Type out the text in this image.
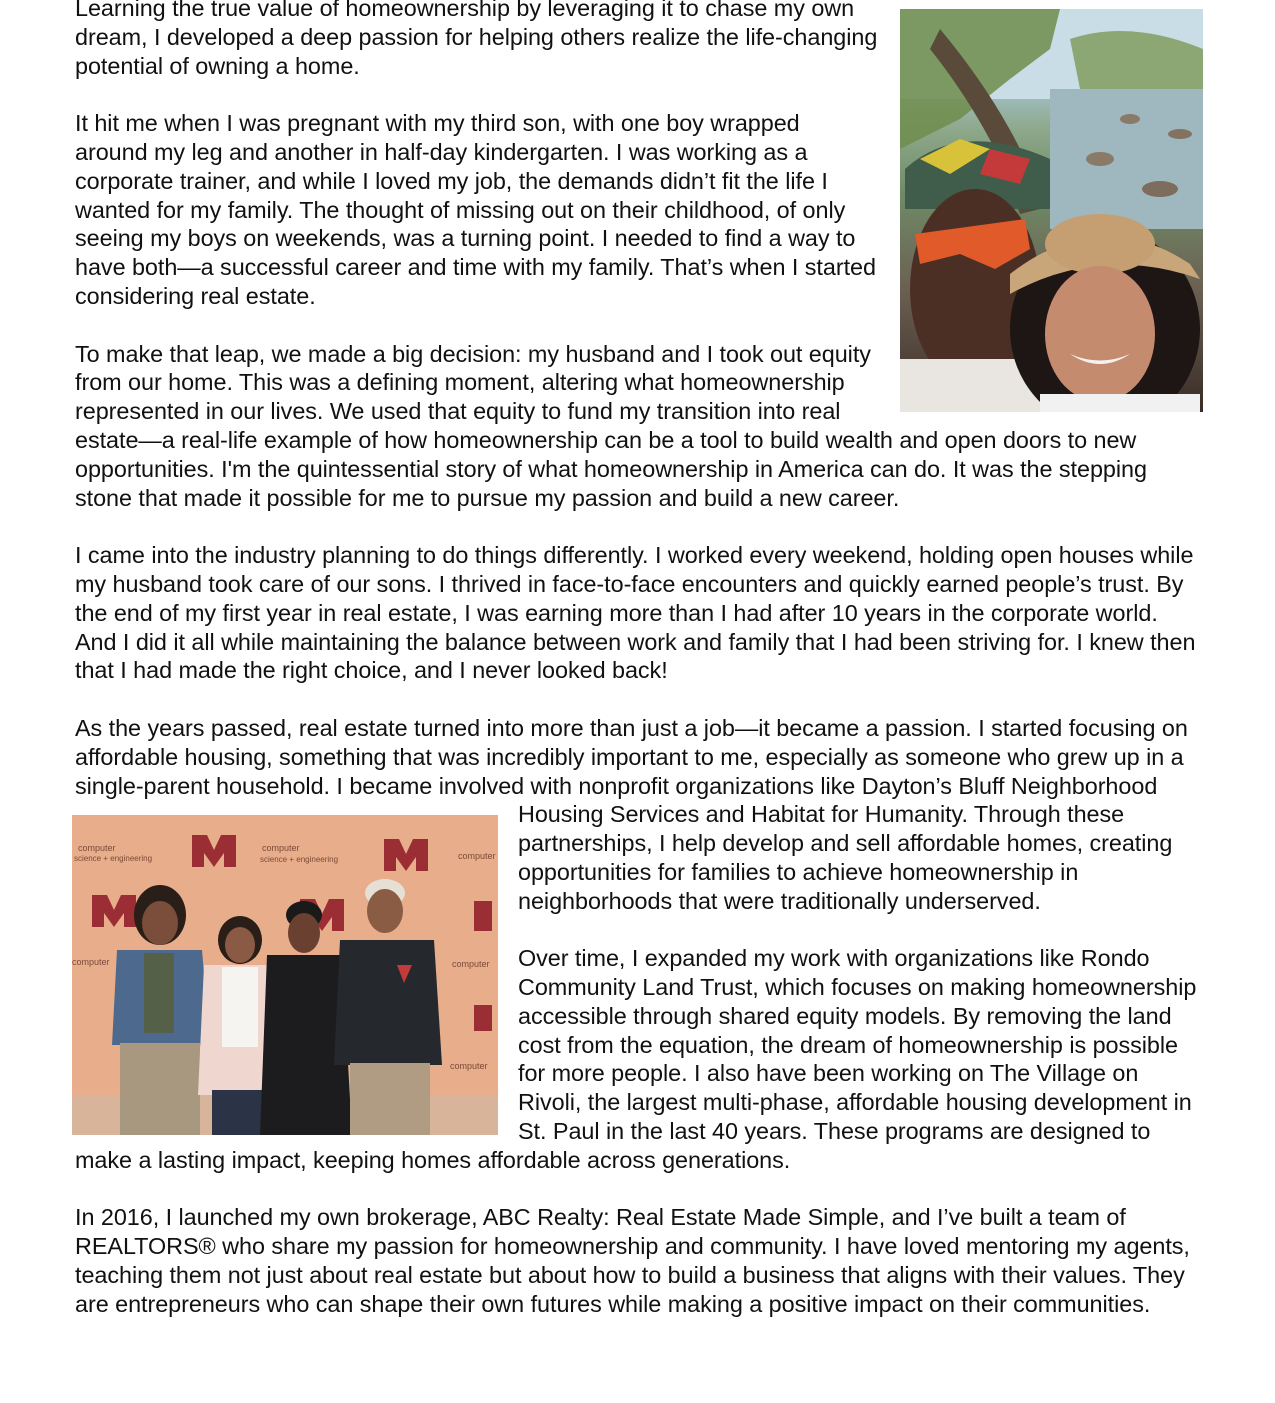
Learning the true value of homeownership by leveraging it to chase my own dream, I developed a deep passion for helping others realize the life-changing potential of owning a home.

It hit me when I was pregnant with my third son, with one boy wrapped around my leg and another in half-day kindergarten. I was working as a corporate trainer, and while I loved my job, the demands didn’t fit the life I wanted for my family. The thought of missing out on their childhood, of only seeing my boys on weekends, was a turning point. I needed to find a way to have both—a successful career and time with my family. That’s when I started considering real estate.

To make that leap, we made a big decision: my husband and I took out equity from our home. This was a defining moment, altering what homeownership represented in our lives. We used that equity to fund my transition into real estate—a real-life example of how homeownership can be a tool to build wealth and open doors to new opportunities. I'm the quintessential story of what homeownership in America can do. It was the stepping stone that made it possible for me to pursue my passion and build a new career.

I came into the industry planning to do things differently. I worked every weekend, holding open houses while my husband took care of our sons. I thrived in face-to-face encounters and quickly earned people’s trust. By the end of my first year in real estate, I was earning more than I had after 10 years in the corporate world. And I did it all while maintaining the balance between work and family that I had been striving for. I knew then that I had made the right choice, and I never looked back!

As the years passed, real estate turned into more than just a job—it became a passion. I started focusing on affordable housing, something that was incredibly important to me, especially as someone who grew up in a single-parent household. I became involved with nonprofit organizations like Dayton’s Bluff Neighborhood Housing Services and Habitat for Humanity. Through these partnerships, I help develop and sell affordable homes, creating opportunities for families to achieve homeownership in neighborhoods that were traditionally underserved.

Over time, I expanded my work with organizations like Rondo Community Land Trust, which focuses on making homeownership accessible through shared equity models. By removing the land cost from the equation, the dream of homeownership is possible for more people. I also have been working on The Village on Rivoli, the largest multi-phase, affordable housing development in St. Paul in the last 40 years. These programs are designed to make a lasting impact, keeping homes affordable across generations.

In 2016, I launched my own brokerage, ABC Realty: Real Estate Made Simple, and I’ve built a team of REALTORS® who share my passion for homeownership and community. I have loved mentoring my agents, teaching them not just about real estate but about how to build a business that aligns with their values. They are entrepreneurs who can shape their own futures while making a positive impact on their communities.

computer
science + engineering
computer
science + engineering	computer
computer	computer
computer
